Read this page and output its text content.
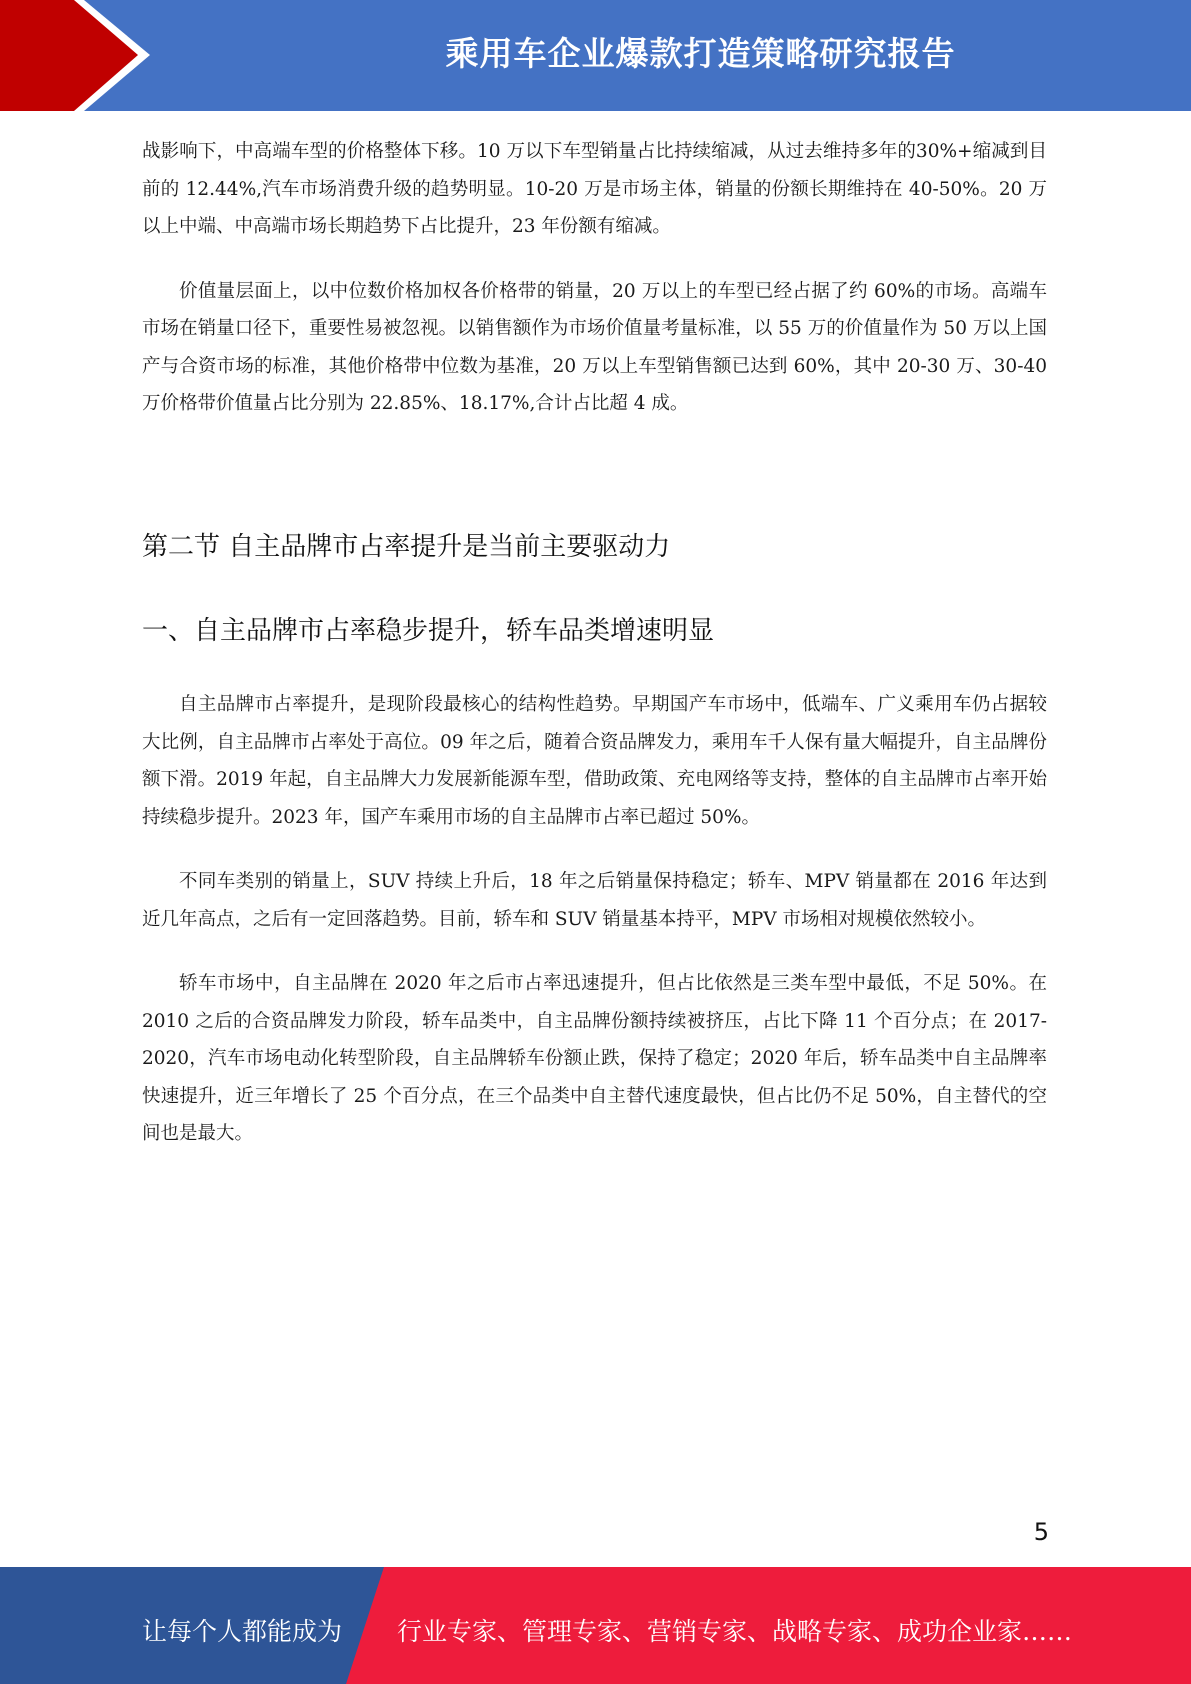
乘用车企业爆款打造策略研究报告

战影响下，中高端车型的价格整体下移。10 万以下车型销量占比持续缩减，从过去维持多年的30%+缩减到目前的 12.44%,汽车市场消费升级的趋势明显。10-20 万是市场主体，销量的份额长期维持在 40-50%。20 万以上中端、中高端市场长期趋势下占比提升，23 年份额有缩减。

价值量层面上，以中位数价格加权各价格带的销量，20 万以上的车型已经占据了约 60%的市场。高端车市场在销量口径下，重要性易被忽视。以销售额作为市场价值量考量标准，以 55 万的价值量作为 50 万以上国产与合资市场的标准，其他价格带中位数为基准，20 万以上车型销售额已达到 60%，其中 20-30 万、30-40 万价格带价值量占比分别为 22.85%、18.17%,合计占比超 4 成。

第二节 自主品牌市占率提升是当前主要驱动力
一、自主品牌市占率稳步提升，轿车品类增速明显

自主品牌市占率提升，是现阶段最核心的结构性趋势。早期国产车市场中，低端车、广义乘用车仍占据较大比例，自主品牌市占率处于高位。09 年之后，随着合资品牌发力，乘用车千人保有量大幅提升，自主品牌份额下滑。2019 年起，自主品牌大力发展新能源车型，借助政策、充电网络等支持，整体的自主品牌市占率开始持续稳步提升。2023 年，国产车乘用市场的自主品牌市占率已超过 50%。

不同车类别的销量上，SUV 持续上升后，18 年之后销量保持稳定；轿车、MPV 销量都在 2016 年达到近几年高点，之后有一定回落趋势。目前，轿车和 SUV 销量基本持平，MPV 市场相对规模依然较小。

轿车市场中，自主品牌在 2020 年之后市占率迅速提升，但占比依然是三类车型中最低，不足 50%。在 2010 之后的合资品牌发力阶段，轿车品类中，自主品牌份额持续被挤压，占比下降 11 个百分点；在 2017-2020，汽车市场电动化转型阶段，自主品牌轿车份额止跌，保持了稳定；2020 年后，轿车品类中自主品牌率快速提升，近三年增长了 25 个百分点，在三个品类中自主替代速度最快，但占比仍不足 50%，自主替代的空间也是最大。

5
让每个人都能成为 行业专家、管理专家、营销专家、战略专家、成功企业家……
